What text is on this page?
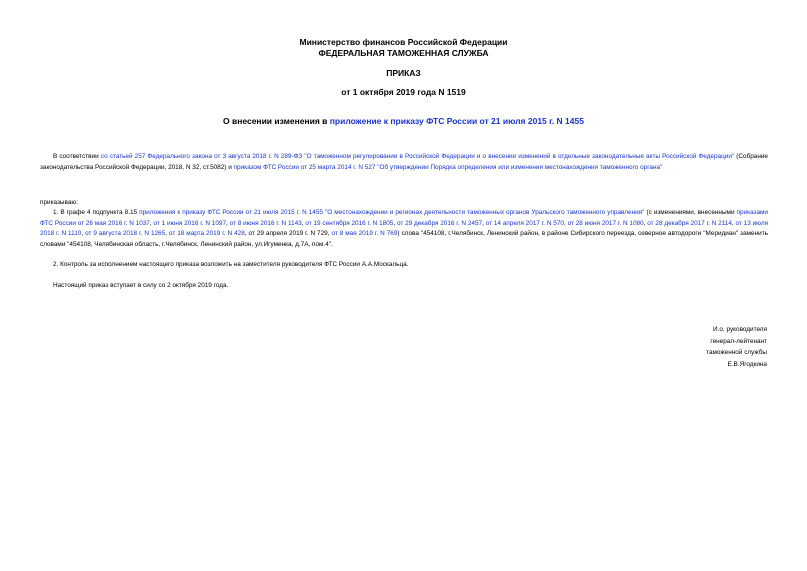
Министерство финансов Российской Федерации
ФЕДЕРАЛЬНАЯ ТАМОЖЕННАЯ СЛУЖБА
ПРИКАЗ
от 1 октября 2019 года N 1519
О внесении изменения в приложение к приказу ФТС России от 21 июля 2015 г. N 1455
В соответствии со статьей 257 Федерального закона от 3 августа 2018 г. N 289-ФЗ "О таможенном регулировании в Российской Федерации и о внесении изменений в отдельные законодательные акты Российской Федерации" (Собрание законодательства Российской Федерации, 2018, N 32, ст.5082) и приказом ФТС России от 25 марта 2014 г. N 527 "Об утверждении Порядка определения или изменения местонахождения таможенного органа"
приказываю:
1. В графе 4 подпункта 8.15 приложения к приказу ФТС России от 21 июля 2015 г. N 1455 "О местонахождении и регионах деятельности таможенных органов Уральского таможенного управления" (с изменениями, внесенными приказами ФТС России от 26 мая 2016 г. N 1037, от 1 июня 2016 г. N 1097, от 8 июня 2016 г. N 1143, от 19 сентября 2016 г. N 1805, от 29 декабря 2016 г. N 2457, от 14 апреля 2017 г. N 570, от 28 июня 2017 г. N 1080, от 28 декабря 2017 г. N 2114, от 13 июля 2018 г. N 1110, от 9 августа 2018 г. N 1265, от 18 марта 2019 г. N 428, от 29 апреля 2019 г. N 729, от 8 мая 2019 г. N 769) слова "454108, г.Челябинск, Ленинский район, в районе Сибирского переезда, северное автодороги "Меридиан" заменить словами "454108, Челябинская область, г.Челябинск, Ленинский район, ул.Игуменка, д.7А, пом.4".
2. Контроль за исполнением настоящего приказа возложить на заместителя руководителя ФТС России А.А.Москальца.
Настоящий приказ вступает в силу со 2 октября 2019 года.
И.о. руководителя
генерал-лейтенант
таможенной службы
Е.В.Ягодкина
